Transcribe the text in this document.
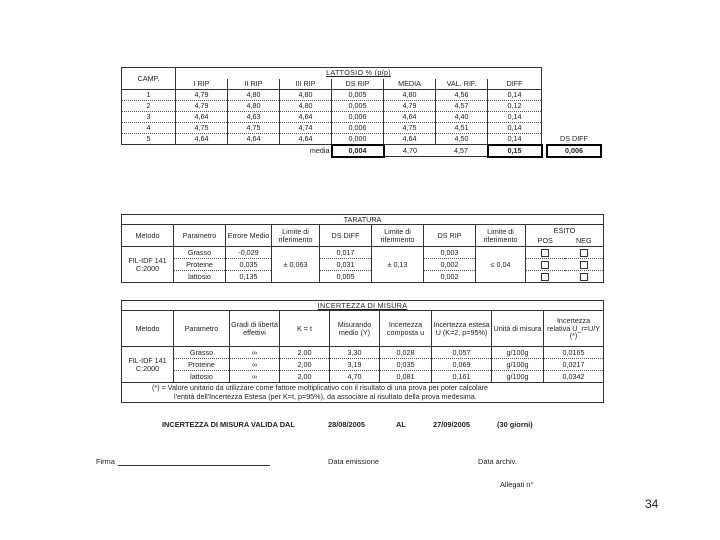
CAMP.	LATTOSIO % (p/p)						
	I RIP	II RIP	III RIP	DS RIP	MEDIA	VAL. RIF.	DIFF
1	4,79	4,80	4,80	0,005	4,80	4,56	0,14
2	4,79	4,80	4,80	0,005	4,79	4,57	0,12
3	4,64	4,63	4,64	0,006	4,64	4,40	0,14
4	4,75	4,75	4,74	0,006	4,75	4,51	0,14
5	4,64	4,64	4,64	0,000	4,64	4,50	0,14
			media	0,004	4,70	4,57	0,15
DS DIFF
0,006
TARATURA									
Metodo	Parametro	Errore Medio	Limite di riferimento	DS DIFF	Limite di riferimento	DS RIP	Limite di riferimento	ESITO	
								POS	NEG
FIL-IDF 141 C:2000	Grasso	-0,029	± 0,063	0,017	± 0,13	0,003	≤ 0,04		
	Proteine	0,035		0,031		0,002			
	lattosio	0,135		0,005		0,002			
INCERTEZZA DI MISURA								
Metodo	Parametro	Gradi di libertà effettivi	K = t	Misurando medio (Y)	Incertezza composta u	Incertezza estesa U (K=2, p=95%)	Unità di misura	Incertezza relativa U_r=U/Y (*)
FIL-IDF 141 C:2000	Grasso	∞	2,00	3,30	0,028	0,057	g/100g	0,0165
	Proteine	∞	2,00	3,19	0,035	0,069	g/100g	0,0217
	lattosio	∞	2,00	4,70	0,081	0,161	g/100g	0,0342
(*) = Valore unitario da utilizzare come fattore moltiplicativo con il risultato di una prova per poter calcolare								
l'entità dell'Incertezza Estesa (per K=t, p=95%), da associare al risultato della prova medesima.								
INCERTEZZA DI MISURA VALIDA DAL	28/08/2005	AL	27/09/2005	(30 giorni)
Firma	Data emissione	Data archiv.
Allegati n°
34
